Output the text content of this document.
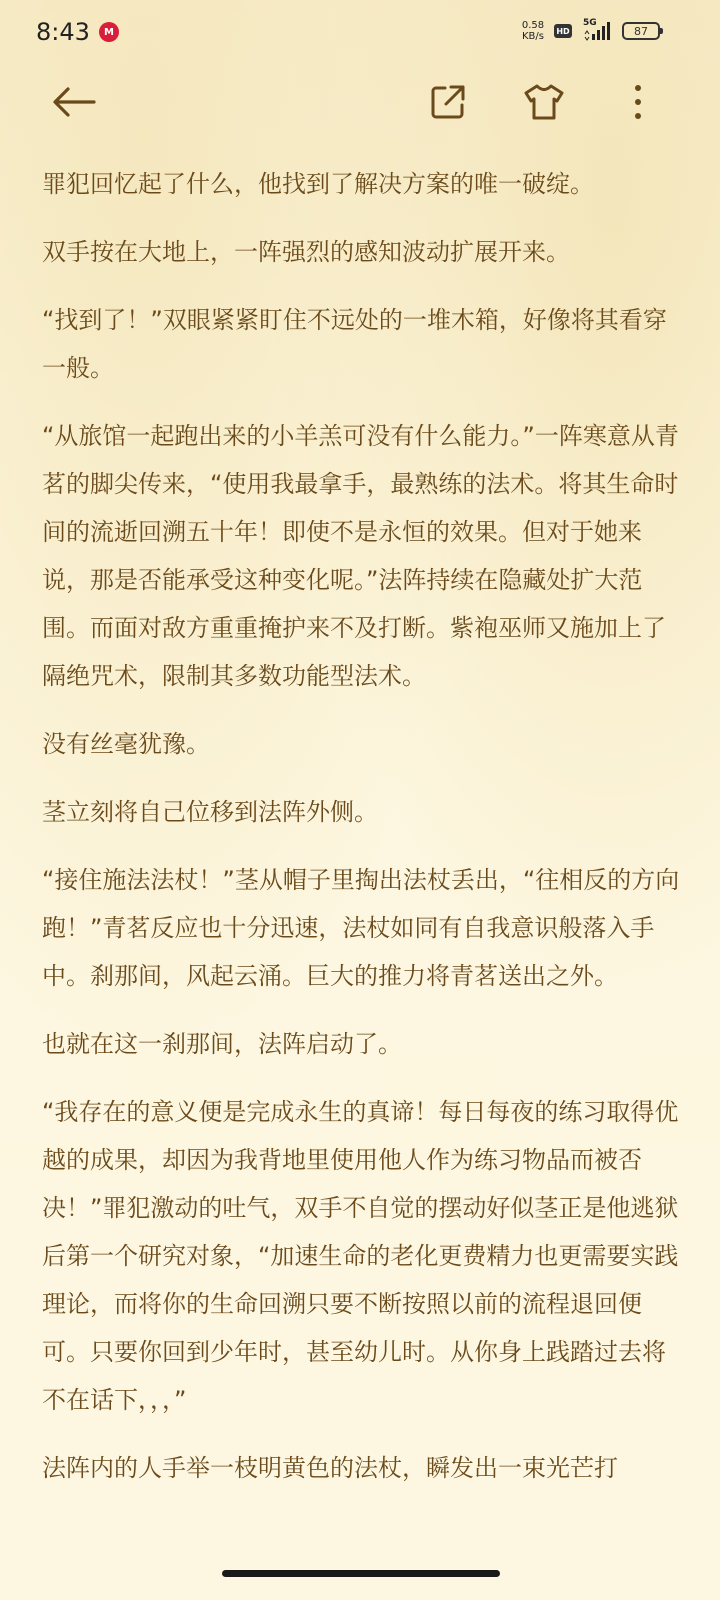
8:43	M
0.58
KB/s	HD
5G
87

罪犯回忆起了什么，他找到了解决方案的唯一破绽。

双手按在大地上，一阵强烈的感知波动扩展开来。

“找到了！”双眼紧紧盯住不远处的一堆木箱，好像将其看穿一般。

“从旅馆一起跑出来的小羊羔可没有什么能力。”一阵寒意从青茗的脚尖传来，“使用我最拿手，最熟练的法术。将其生命时间的流逝回溯五十年！即使不是永恒的效果。但对于她来说，那是否能承受这种变化呢。”法阵持续在隐藏处扩大范围。而面对敌方重重掩护来不及打断。紫袍巫师又施加上了隔绝咒术，限制其多数功能型法术。

没有丝毫犹豫。

茎立刻将自己位移到法阵外侧。

“接住施法法杖！”茎从帽子里掏出法杖丢出，“往相反的方向跑！”青茗反应也十分迅速，法杖如同有自我意识般落入手中。刹那间，风起云涌。巨大的推力将青茗送出之外。

也就在这一刹那间，法阵启动了。

“我存在的意义便是完成永生的真谛！每日每夜的练习取得优越的成果，却因为我背地里使用他人作为练习物品而被否决！”罪犯激动的吐气，双手不自觉的摆动好似茎正是他逃狱后第一个研究对象，“加速生命的老化更费精力也更需要实践理论，而将你的生命回溯只要不断按照以前的流程退回便可。只要你回到少年时，甚至幼儿时。从你身上践踏过去将不在话下，，，”

法阵内的人手举一枝明黄色的法杖，瞬发出一束光芒打
